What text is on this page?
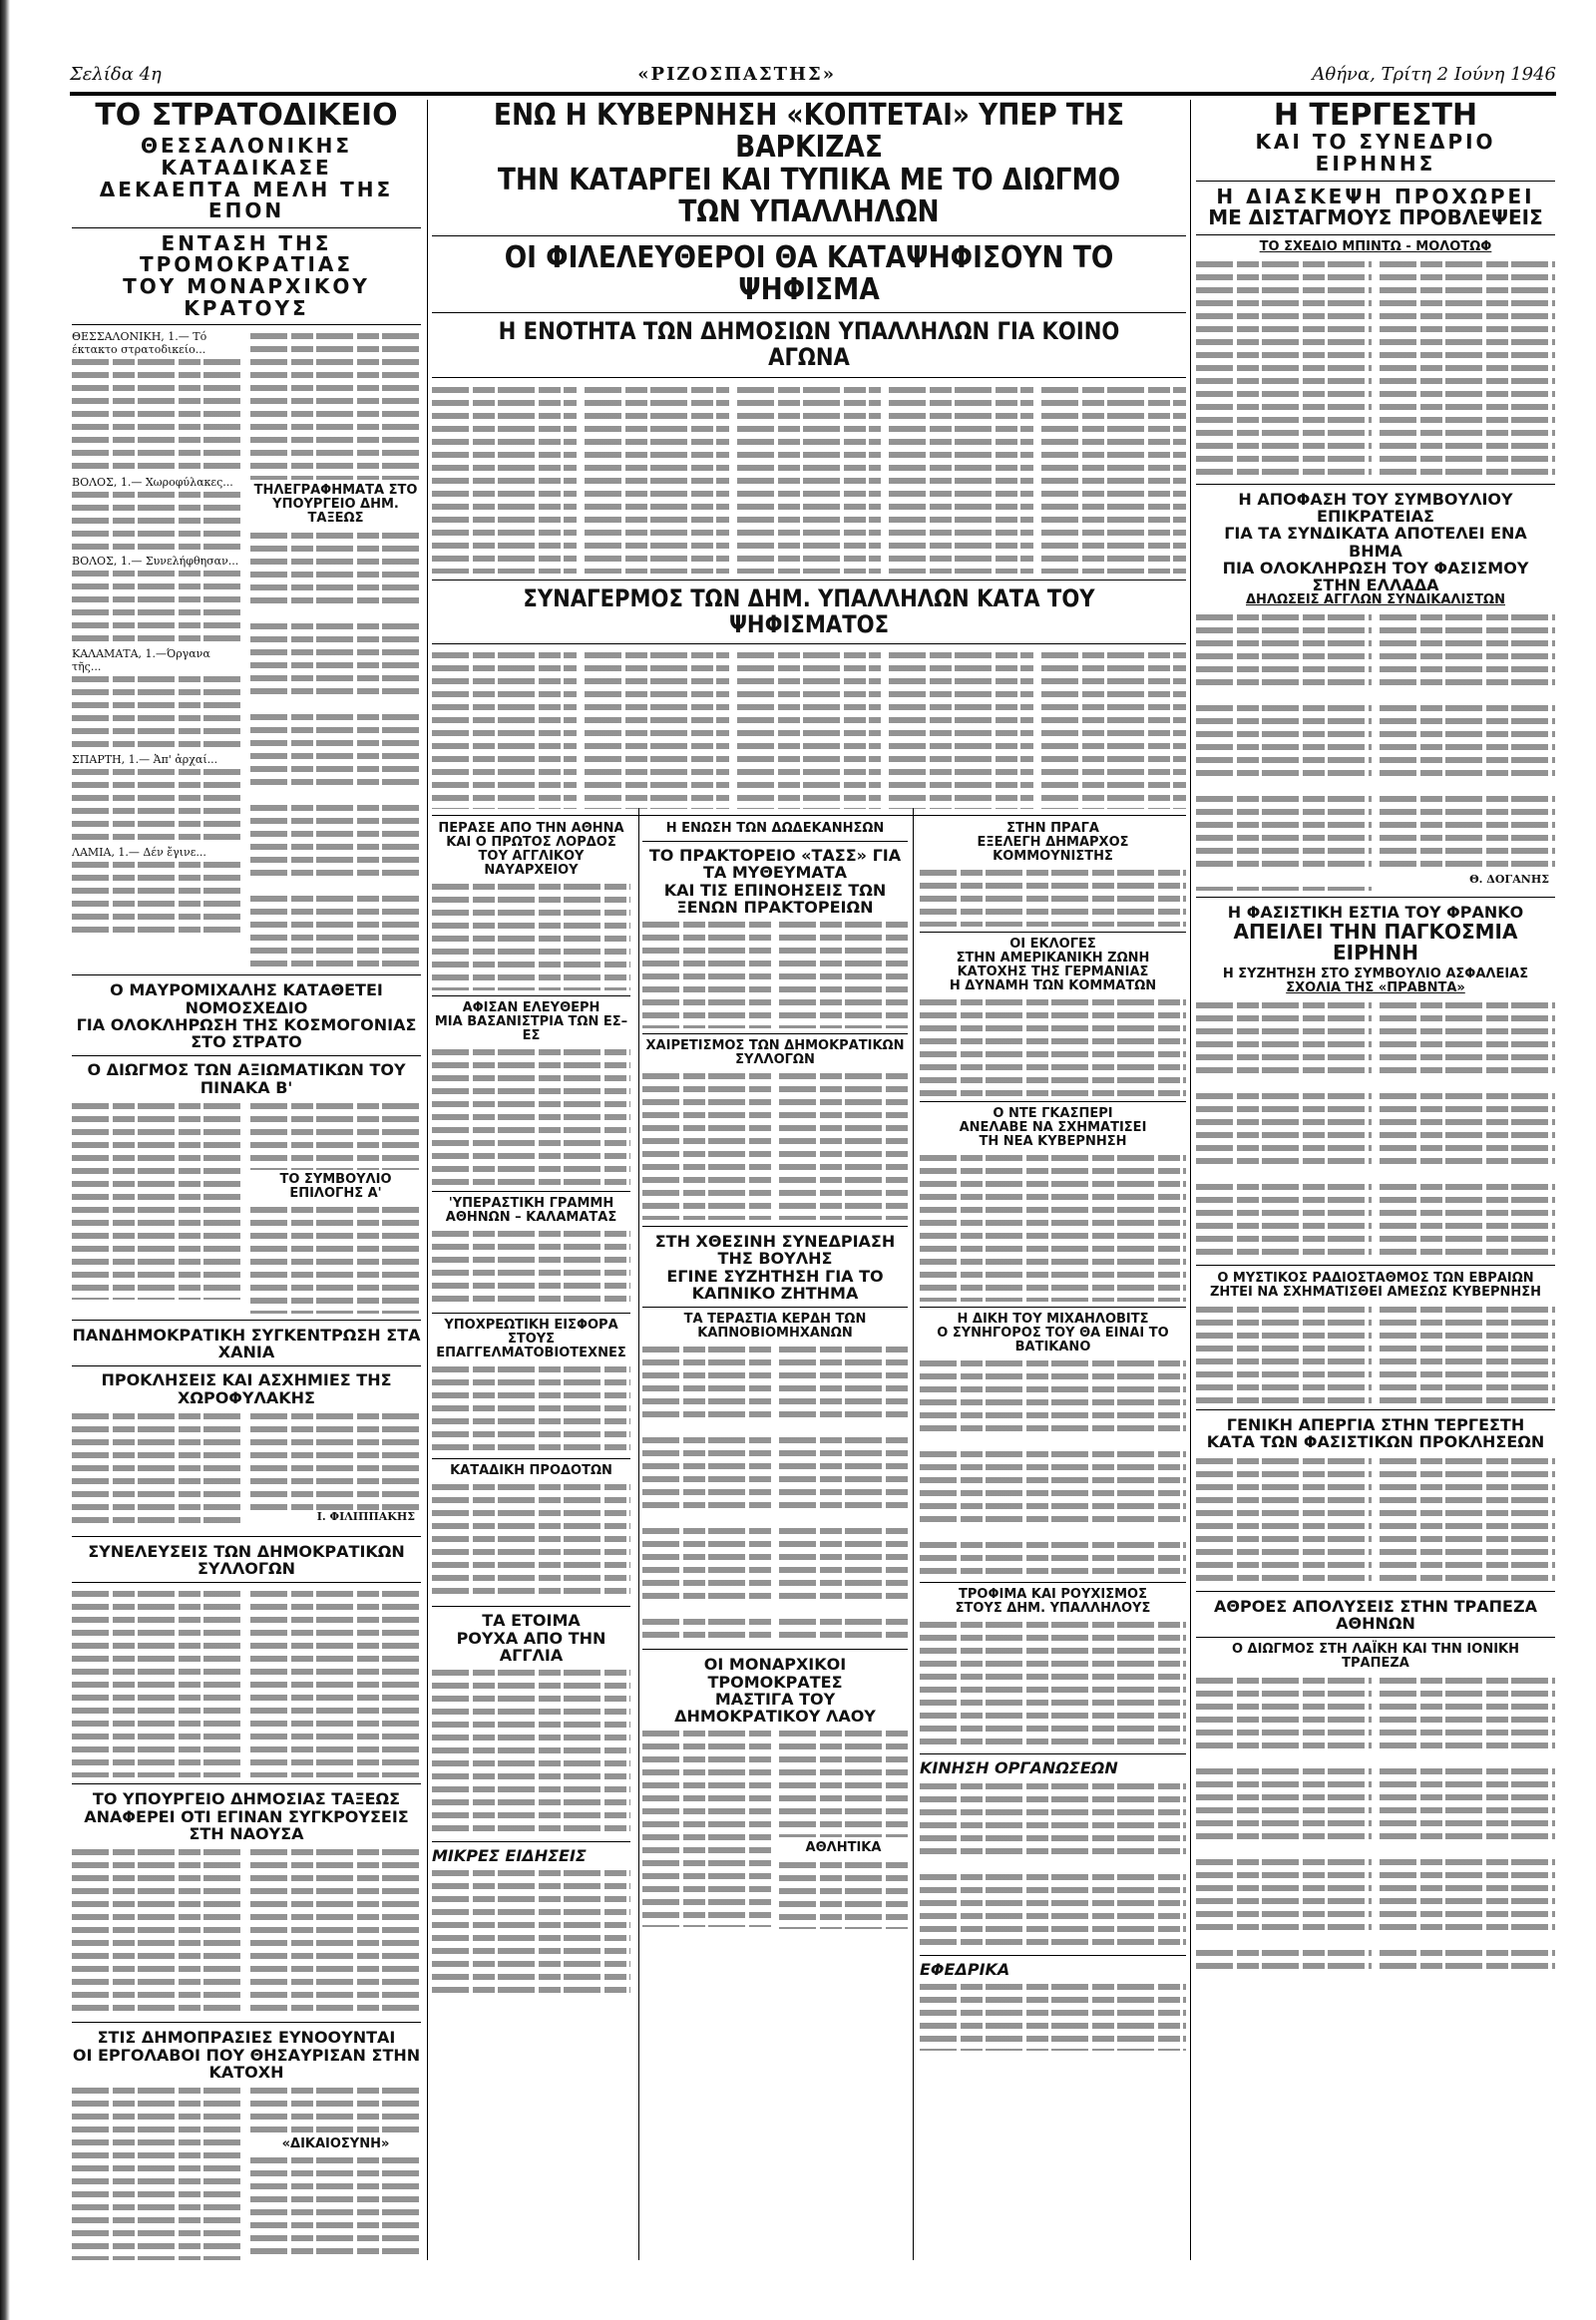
Σελίδα 4η	«ΡΙΖΟΣΠΑΣΤΗΣ»	Αθήνα, Τρίτη 2 Ιούνη 1946
ΤΟ ΣΤΡΑΤΟΔΙΚΕΙΟ
ΘΕΣΣΑΛΟΝΙΚΗΣ ΚΑΤΑΔΙΚΑΣΕ
ΔΕΚΑΕΠΤΑ ΜΕΛΗ ΤΗΣ ΕΠΟΝ
ΕΝΤΑΣΗ ΤΗΣ ΤΡΟΜΟΚΡΑΤΙΑΣ
ΤΟΥ ΜΟΝΑΡΧΙΚΟΥ ΚΡΑΤΟΥΣ
ΘΕΣΣΑΛΟΝΙΚΗ, 1.— Τό έκτακτο στρατοδικείο...
ΒΟΛΟΣ, 1.— Χωροφύλακες...
ΒΟΛΟΣ, 1.— Συνελήφθησαν...
ΚΑΛΑΜΑΤΑ, 1.—Όργανα τῆς...
ΣΠΑΡΤΗ, 1.— Ἀπ' ἀρχαί...
ΛΑΜΙΑ, 1.— Δέν ἔγινε...
ΤΗΛΕΓΡΑΦΗΜΑΤΑ ΣΤΟ ΥΠΟΥΡΓΕΙΟ ΔΗΜ. ΤΑΞΕΩΣ
Ο ΜΑΥΡΟΜΙΧΑΛΗΣ ΚΑΤΑΘΕΤΕΙ ΝΟΜΟΣΧΕΔΙΟ
ΓΙΑ ΟΛΟΚΛΗΡΩΣΗ ΤΗΣ ΚΟΣΜΟΓΟΝΙΑΣ ΣΤΟ ΣΤΡΑΤΟ
Ο ΔΙΩΓΜΟΣ ΤΩΝ ΑΞΙΩΜΑΤΙΚΩΝ ΤΟΥ ΠΙΝΑΚΑ Β'
ΤΟ ΣΥΜΒΟΥΛΙΟ ΕΠΙΛΟΓΗΣ Α'
ΠΑΝΔΗΜΟΚΡΑΤΙΚΗ ΣΥΓΚΕΝΤΡΩΣΗ ΣΤΑ ΧΑΝΙΑ
ΠΡΟΚΛΗΣΕΙΣ ΚΑΙ ΑΣΧΗΜΙΕΣ ΤΗΣ ΧΩΡΟΦΥΛΑΚΗΣ
Ι. ΦΙΛΙΠΠΑΚΗΣ
ΣΥΝΕΛΕΥΣΕΙΣ ΤΩΝ ΔΗΜΟΚΡΑΤΙΚΩΝ ΣΥΛΛΟΓΩΝ
ΤΟ ΥΠΟΥΡΓΕΙΟ ΔΗΜΟΣΙΑΣ ΤΑΞΕΩΣ
ΑΝΑΦΕΡΕΙ ΟΤΙ ΕΓΙΝΑΝ ΣΥΓΚΡΟΥΣΕΙΣ ΣΤΗ ΝΑΟΥΣΑ
ΣΤΙΣ ΔΗΜΟΠΡΑΣΙΕΣ ΕΥΝΟΟΥΝΤΑΙ
ΟΙ ΕΡΓΟΛΑΒΟΙ ΠΟΥ ΘΗΣΑΥΡΙΣΑΝ ΣΤΗΝ ΚΑΤΟΧΗ
«ΔΙΚΑΙΟΣΥΝΗ»
ΕΝΩ Η ΚΥΒΕΡΝΗΣΗ «ΚΟΠΤΕΤΑΙ» ΥΠΕΡ ΤΗΣ ΒΑΡΚΙΖΑΣ
ΤΗΝ ΚΑΤΑΡΓΕΙ ΚΑΙ ΤΥΠΙΚΑ ΜΕ ΤΟ ΔΙΩΓΜΟ ΤΩΝ ΥΠΑΛΛΗΛΩΝ
ΟΙ ΦΙΛΕΛΕΥΘΕΡΟΙ ΘΑ ΚΑΤΑΨΗΦΙΣΟΥΝ ΤΟ ΨΗΦΙΣΜΑ
Η ΕΝΟΤΗΤΑ ΤΩΝ ΔΗΜΟΣΙΩΝ ΥΠΑΛΛΗΛΩΝ ΓΙΑ ΚΟΙΝΟ ΑΓΩΝΑ
ΣΥΝΑΓΕΡΜΟΣ ΤΩΝ ΔΗΜ. ΥΠΑΛΛΗΛΩΝ ΚΑΤΑ ΤΟΥ ΨΗΦΙΣΜΑΤΟΣ
ΠΕΡΑΣΕ ΑΠΟ ΤΗΝ ΑΘΗΝΑ
ΚΑΙ Ο ΠΡΩΤΟΣ ΛΟΡΔΟΣ
ΤΟΥ ΑΓΓΛΙΚΟΥ ΝΑΥΑΡΧΕΙΟΥ
ΑΦΙΣΑΝ ΕΛΕΥΘΕΡΗ
ΜΙΑ ΒΑΣΑΝΙΣΤΡΙΑ ΤΩΝ ΕΣ–ΕΣ
'ΥΠΕΡΑΣΤΙΚΗ ΓΡΑΜΜΗ
ΑΘΗΝΩΝ – ΚΑΛΑΜΑΤΑΣ
ΥΠΟΧΡΕΩΤΙΚΗ ΕΙΣΦΟΡΑ
ΣΤΟΥΣ ΕΠΑΓΓΕΛΜΑΤΟΒΙΟΤΕΧΝΕΣ
ΚΑΤΑΔΙΚΗ ΠΡΟΔΟΤΩΝ
ΤΑ ΕΤΟΙΜΑ
ΡΟΥΧΑ ΑΠΟ ΤΗΝ ΑΓΓΛΙΑ
ΜΙΚΡΕΣ ΕΙΔΗΣΕΙΣ
Η ΕΝΩΣΗ ΤΩΝ ΔΩΔΕΚΑΝΗΣΩΝ
ΤΟ ΠΡΑΚΤΟΡΕΙΟ «ΤΑΣΣ» ΓΙΑ ΤΑ ΜΥΘΕΥΜΑΤΑ
ΚΑΙ ΤΙΣ ΕΠΙΝΟΗΣΕΙΣ ΤΩΝ ΞΕΝΩΝ ΠΡΑΚΤΟΡΕΙΩΝ
ΧΑΙΡΕΤΙΣΜΟΣ ΤΩΝ ΔΗΜΟΚΡΑΤΙΚΩΝ ΣΥΛΛΟΓΩΝ
ΣΤΗ ΧΘΕΣΙΝΗ ΣΥΝΕΔΡΙΑΣΗ ΤΗΣ ΒΟΥΛΗΣ
ΕΓΙΝΕ ΣΥΖΗΤΗΣΗ ΓΙΑ ΤΟ ΚΑΠΝΙΚΟ ΖΗΤΗΜΑ
ΤΑ ΤΕΡΑΣΤΙΑ ΚΕΡΔΗ ΤΩΝ ΚΑΠΝΟΒΙΟΜΗΧΑΝΩΝ
ΟΙ ΜΟΝΑΡΧΙΚΟΙ ΤΡΟΜΟΚΡΑΤΕΣ
ΜΑΣΤΙΓΑ ΤΟΥ ΔΗΜΟΚΡΑΤΙΚΟΥ ΛΑΟΥ
ΑΘΛΗΤΙΚΑ
ΣΤΗΝ ΠΡΑΓΑ
ΕΞΕΛΕΓΗ ΔΗΜΑΡΧΟΣ
ΚΟΜΜΟΥΝΙΣΤΗΣ
ΟΙ ΕΚΛΟΓΕΣ
ΣΤΗΝ ΑΜΕΡΙΚΑΝΙΚΗ ΖΩΝΗ
ΚΑΤΟΧΗΣ ΤΗΣ ΓΕΡΜΑΝΙΑΣ
Η ΔΥΝΑΜΗ ΤΩΝ ΚΟΜΜΑΤΩΝ
Ο ΝΤΕ ΓΚΑΣΠΕΡΙ
ΑΝΕΛΑΒΕ ΝΑ ΣΧΗΜΑΤΙΣΕΙ
ΤΗ ΝΕΑ ΚΥΒΕΡΝΗΣΗ
Η ΔΙΚΗ ΤΟΥ ΜΙΧΑΗΛΟΒΙΤΣ
Ο ΣΥΝΗΓΟΡΟΣ ΤΟΥ ΘΑ ΕΙΝΑΙ ΤΟ ΒΑΤΙΚΑΝΟ
ΤΡΟΦΙΜΑ ΚΑΙ ΡΟΥΧΙΣΜΟΣ
ΣΤΟΥΣ ΔΗΜ. ΥΠΑΛΛΗΛΟΥΣ
ΚΙΝΗΣΗ ΟΡΓΑΝΩΣΕΩΝ
ΕΦΕΔΡΙΚΑ
Η ΤΕΡΓΕΣΤΗ
ΚΑΙ ΤΟ ΣΥΝΕΔΡΙΟ ΕΙΡΗΝΗΣ
Η ΔΙΑΣΚΕΨΗ ΠΡΟΧΩΡΕΙ
ΜΕ ΔΙΣΤΑΓΜΟΥΣ ΠΡΟΒΛΕΨΕΙΣ
ΤΟ ΣΧΕΔΙΟ ΜΠΙΝΤΩ - ΜΟΛΟΤΩΦ
Η ΑΠΟΦΑΣΗ ΤΟΥ ΣΥΜΒΟΥΛΙΟΥ ΕΠΙΚΡΑΤΕΙΑΣ
ΓΙΑ ΤΑ ΣΥΝΔΙΚΑΤΑ ΑΠΟΤΕΛΕΙ ΕΝΑ ΒΗΜΑ
ΠΙΑ ΟΛΟΚΛΗΡΩΣΗ ΤΟΥ ΦΑΣΙΣΜΟΥ ΣΤΗΝ ΕΛΛΑΔΑ
ΔΗΛΩΣΕΙΣ ΑΓΓΛΩΝ ΣΥΝΔΙΚΑΛΙΣΤΩΝ
Θ. ΔΟΓΑΝΗΣ
Η ΦΑΣΙΣΤΙΚΗ ΕΣΤΙΑ ΤΟΥ ΦΡΑΝΚΟ
ΑΠΕΙΛΕΙ ΤΗΝ ΠΑΓΚΟΣΜΙΑ ΕΙΡΗΝΗ
Η ΣΥΖΗΤΗΣΗ ΣΤΟ ΣΥΜΒΟΥΛΙΟ ΑΣΦΑΛΕΙΑΣ
ΣΧΟΛΙΑ ΤΗΣ «ΠΡΑΒΝΤΑ»
Ο ΜΥΣΤΙΚΟΣ ΡΑΔΙΟΣΤΑΘΜΟΣ ΤΩΝ ΕΒΡΑΙΩΝ
ΖΗΤΕΙ ΝΑ ΣΧΗΜΑΤΙΣΘΕΙ ΑΜΕΣΩΣ ΚΥΒΕΡΝΗΣΗ
ΓΕΝΙΚΗ ΑΠΕΡΓΙΑ ΣΤΗΝ ΤΕΡΓΕΣΤΗ
ΚΑΤΑ ΤΩΝ ΦΑΣΙΣΤΙΚΩΝ ΠΡΟΚΛΗΣΕΩΝ
ΑΘΡΟΕΣ ΑΠΟΛΥΣΕΙΣ ΣΤΗΝ ΤΡΑΠΕΖΑ ΑΘΗΝΩΝ
Ο ΔΙΩΓΜΟΣ ΣΤΗ ΛΑΪΚΗ ΚΑΙ ΤΗΝ ΙΟΝΙΚΗ ΤΡΑΠΕΖΑ
